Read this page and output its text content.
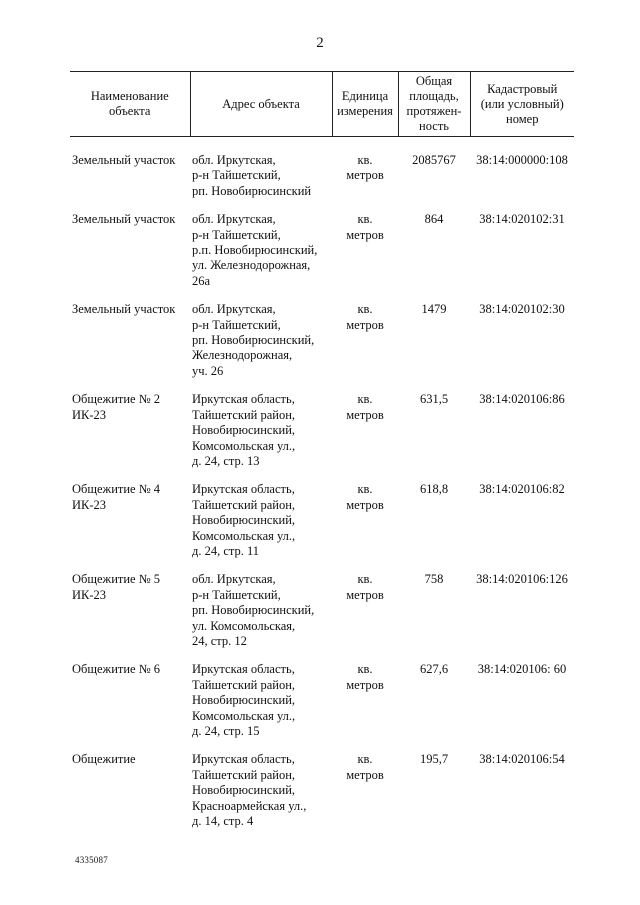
2
Наименование
объекта	Адрес объекта	Единица
измерения	Общая
площадь,
протяжен-
ность	Кадастровый
(или условный)
номер

Земельный участок	обл. Иркутская,
р-н Тайшетский,
рп. Новобирюсинский	кв.
метров	2085767	38:14:000000:108

Земельный участок	обл. Иркутская,
р-н Тайшетский,
р.п. Новобирюсинский,
ул. Железнодорожная,
26а	кв.
метров	864	38:14:020102:31

Земельный участок	обл. Иркутская,
р-н Тайшетский,
рп. Новобирюсинский,
Железнодорожная,
уч. 26	кв.
метров	1479	38:14:020102:30

Общежитие № 2
ИК-23	Иркутская область,
Тайшетский район,
Новобирюсинский,
Комсомольская ул.,
д. 24, стр. 13	кв.
метров	631,5	38:14:020106:86

Общежитие № 4
ИК-23	Иркутская область,
Тайшетский район,
Новобирюсинский,
Комсомольская ул.,
д. 24, стр. 11	кв.
метров	618,8	38:14:020106:82

Общежитие № 5
ИК-23	обл. Иркутская,
р-н Тайшетский,
рп. Новобирюсинский,
ул. Комсомольская,
24, стр. 12	кв.
метров	758	38:14:020106:126

Общежитие № 6	Иркутская область,
Тайшетский район,
Новобирюсинский,
Комсомольская ул.,
д. 24, стр. 15	кв.
метров	627,6	38:14:020106: 60

Общежитие	Иркутская область,
Тайшетский район,
Новобирюсинский,
Красноармейская ул.,
д. 14, стр. 4	кв.
метров	195,7	38:14:020106:54
4335087
